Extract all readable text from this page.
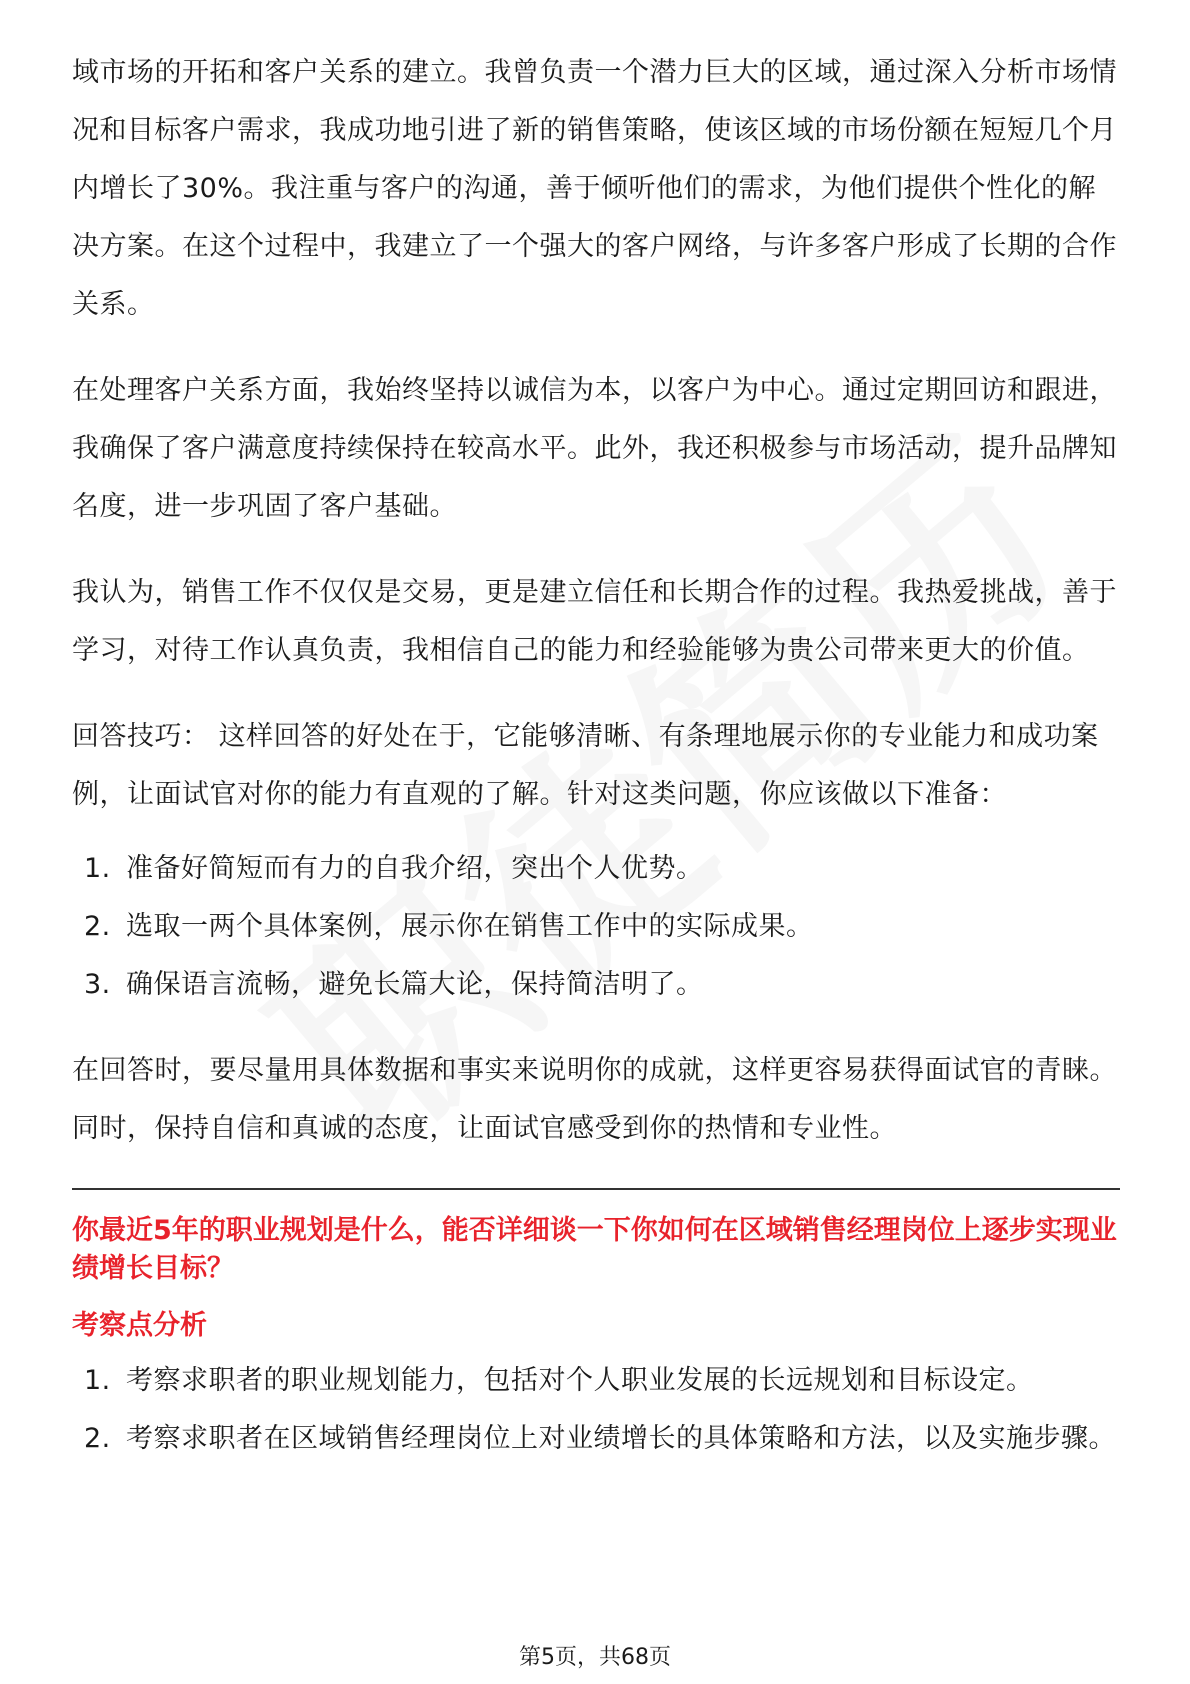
域市场的开拓和客户关系的建立。我曾负责一个潜力巨大的区域，通过深入分析市场情况和目标客户需求，我成功地引进了新的销售策略，使该区域的市场份额在短短几个月内增长了30%。我注重与客户的沟通，善于倾听他们的需求，为他们提供个性化的解决方案。在这个过程中，我建立了一个强大的客户网络，与许多客户形成了长期的合作关系。

在处理客户关系方面，我始终坚持以诚信为本，以客户为中心。通过定期回访和跟进，我确保了客户满意度持续保持在较高水平。此外，我还积极参与市场活动，提升品牌知名度，进一步巩固了客户基础。

我认为，销售工作不仅仅是交易，更是建立信任和长期合作的过程。我热爱挑战，善于学习，对待工作认真负责，我相信自己的能力和经验能够为贵公司带来更大的价值。

回答技巧： 这样回答的好处在于，它能够清晰、有条理地展示你的专业能力和成功案例，让面试官对你的能力有直观的了解。针对这类问题，你应该做以下准备：

1. 准备好简短而有力的自我介绍，突出个人优势。
2. 选取一两个具体案例，展示你在销售工作中的实际成果。
3. 确保语言流畅，避免长篇大论，保持简洁明了。

在回答时，要尽量用具体数据和事实来说明你的成就，这样更容易获得面试官的青睐。同时，保持自信和真诚的态度，让面试官感受到你的热情和专业性。

你最近5年的职业规划是什么，能否详细谈一下你如何在区域销售经理岗位上逐步实现业绩增长目标？

考察点分析

1. 考察求职者的职业规划能力，包括对个人职业发展的长远规划和目标设定。
2. 考察求职者在区域销售经理岗位上对业绩增长的具体策略和方法，以及实施步骤。
第5页，共68页
